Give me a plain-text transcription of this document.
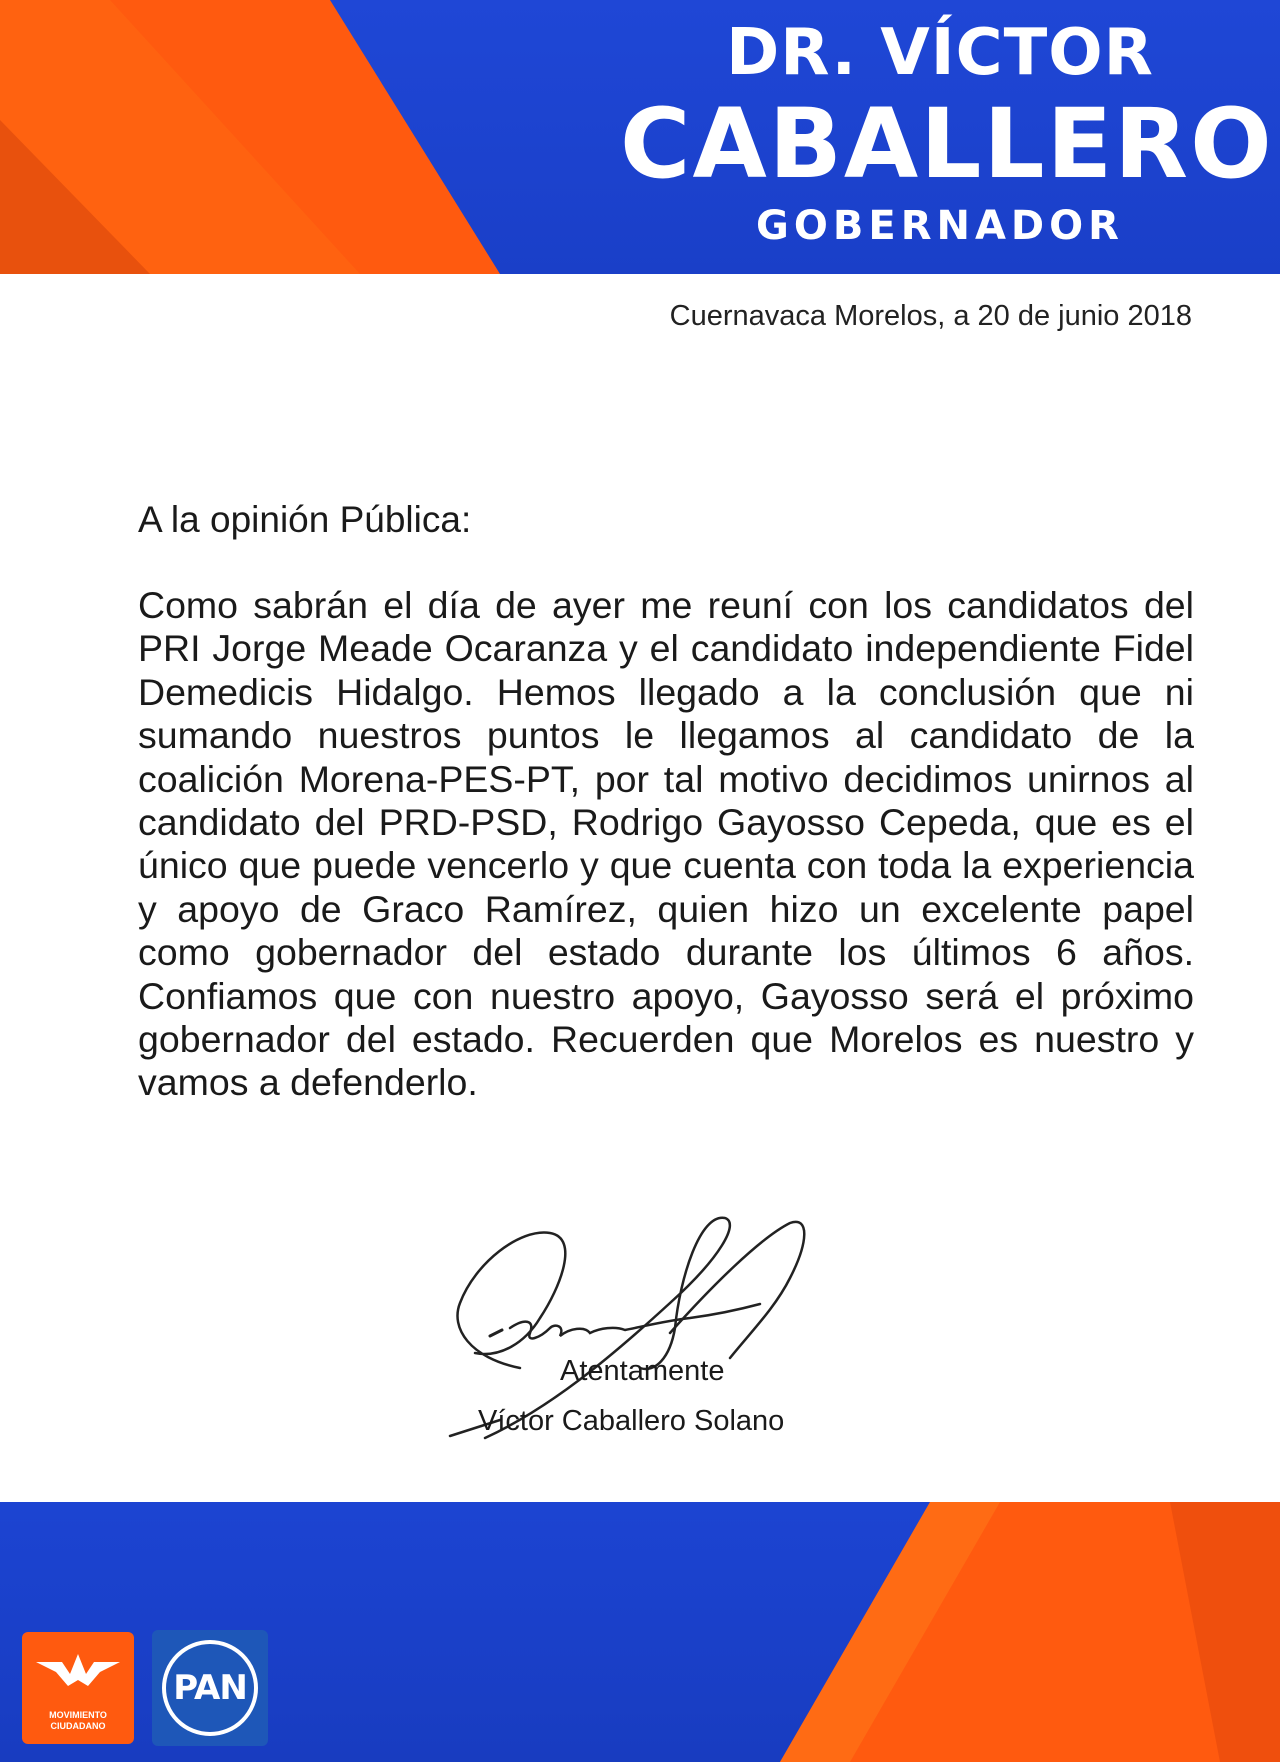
DR. VÍCTOR
CABALLERO
GOBERNADOR
Cuernavaca Morelos, a 20 de junio 2018
A la opinión Pública:

Como sabrán el día de ayer me reuní con los candidatos del PRI Jorge Meade Ocaranza y el candidato independiente Fidel Demedicis Hidalgo. Hemos llegado a la conclusión que ni sumando nuestros puntos le llegamos al candidato de la coalición Morena-PES-PT, por tal motivo decidimos unirnos al candidato del PRD-PSD, Rodrigo Gayosso Cepeda, que es el único que puede vencerlo y que cuenta con toda la experiencia y apoyo de Graco Ramírez, quien hizo un excelente papel como gobernador del estado durante los últimos 6 años. Confiamos que con nuestro apoyo, Gayosso será el próximo gobernador del estado. Recuerden que Morelos es nuestro y vamos a defenderlo.

Atentamente
Víctor Caballero Solano
MOVIMIENTO CIUDADANO
PAN
